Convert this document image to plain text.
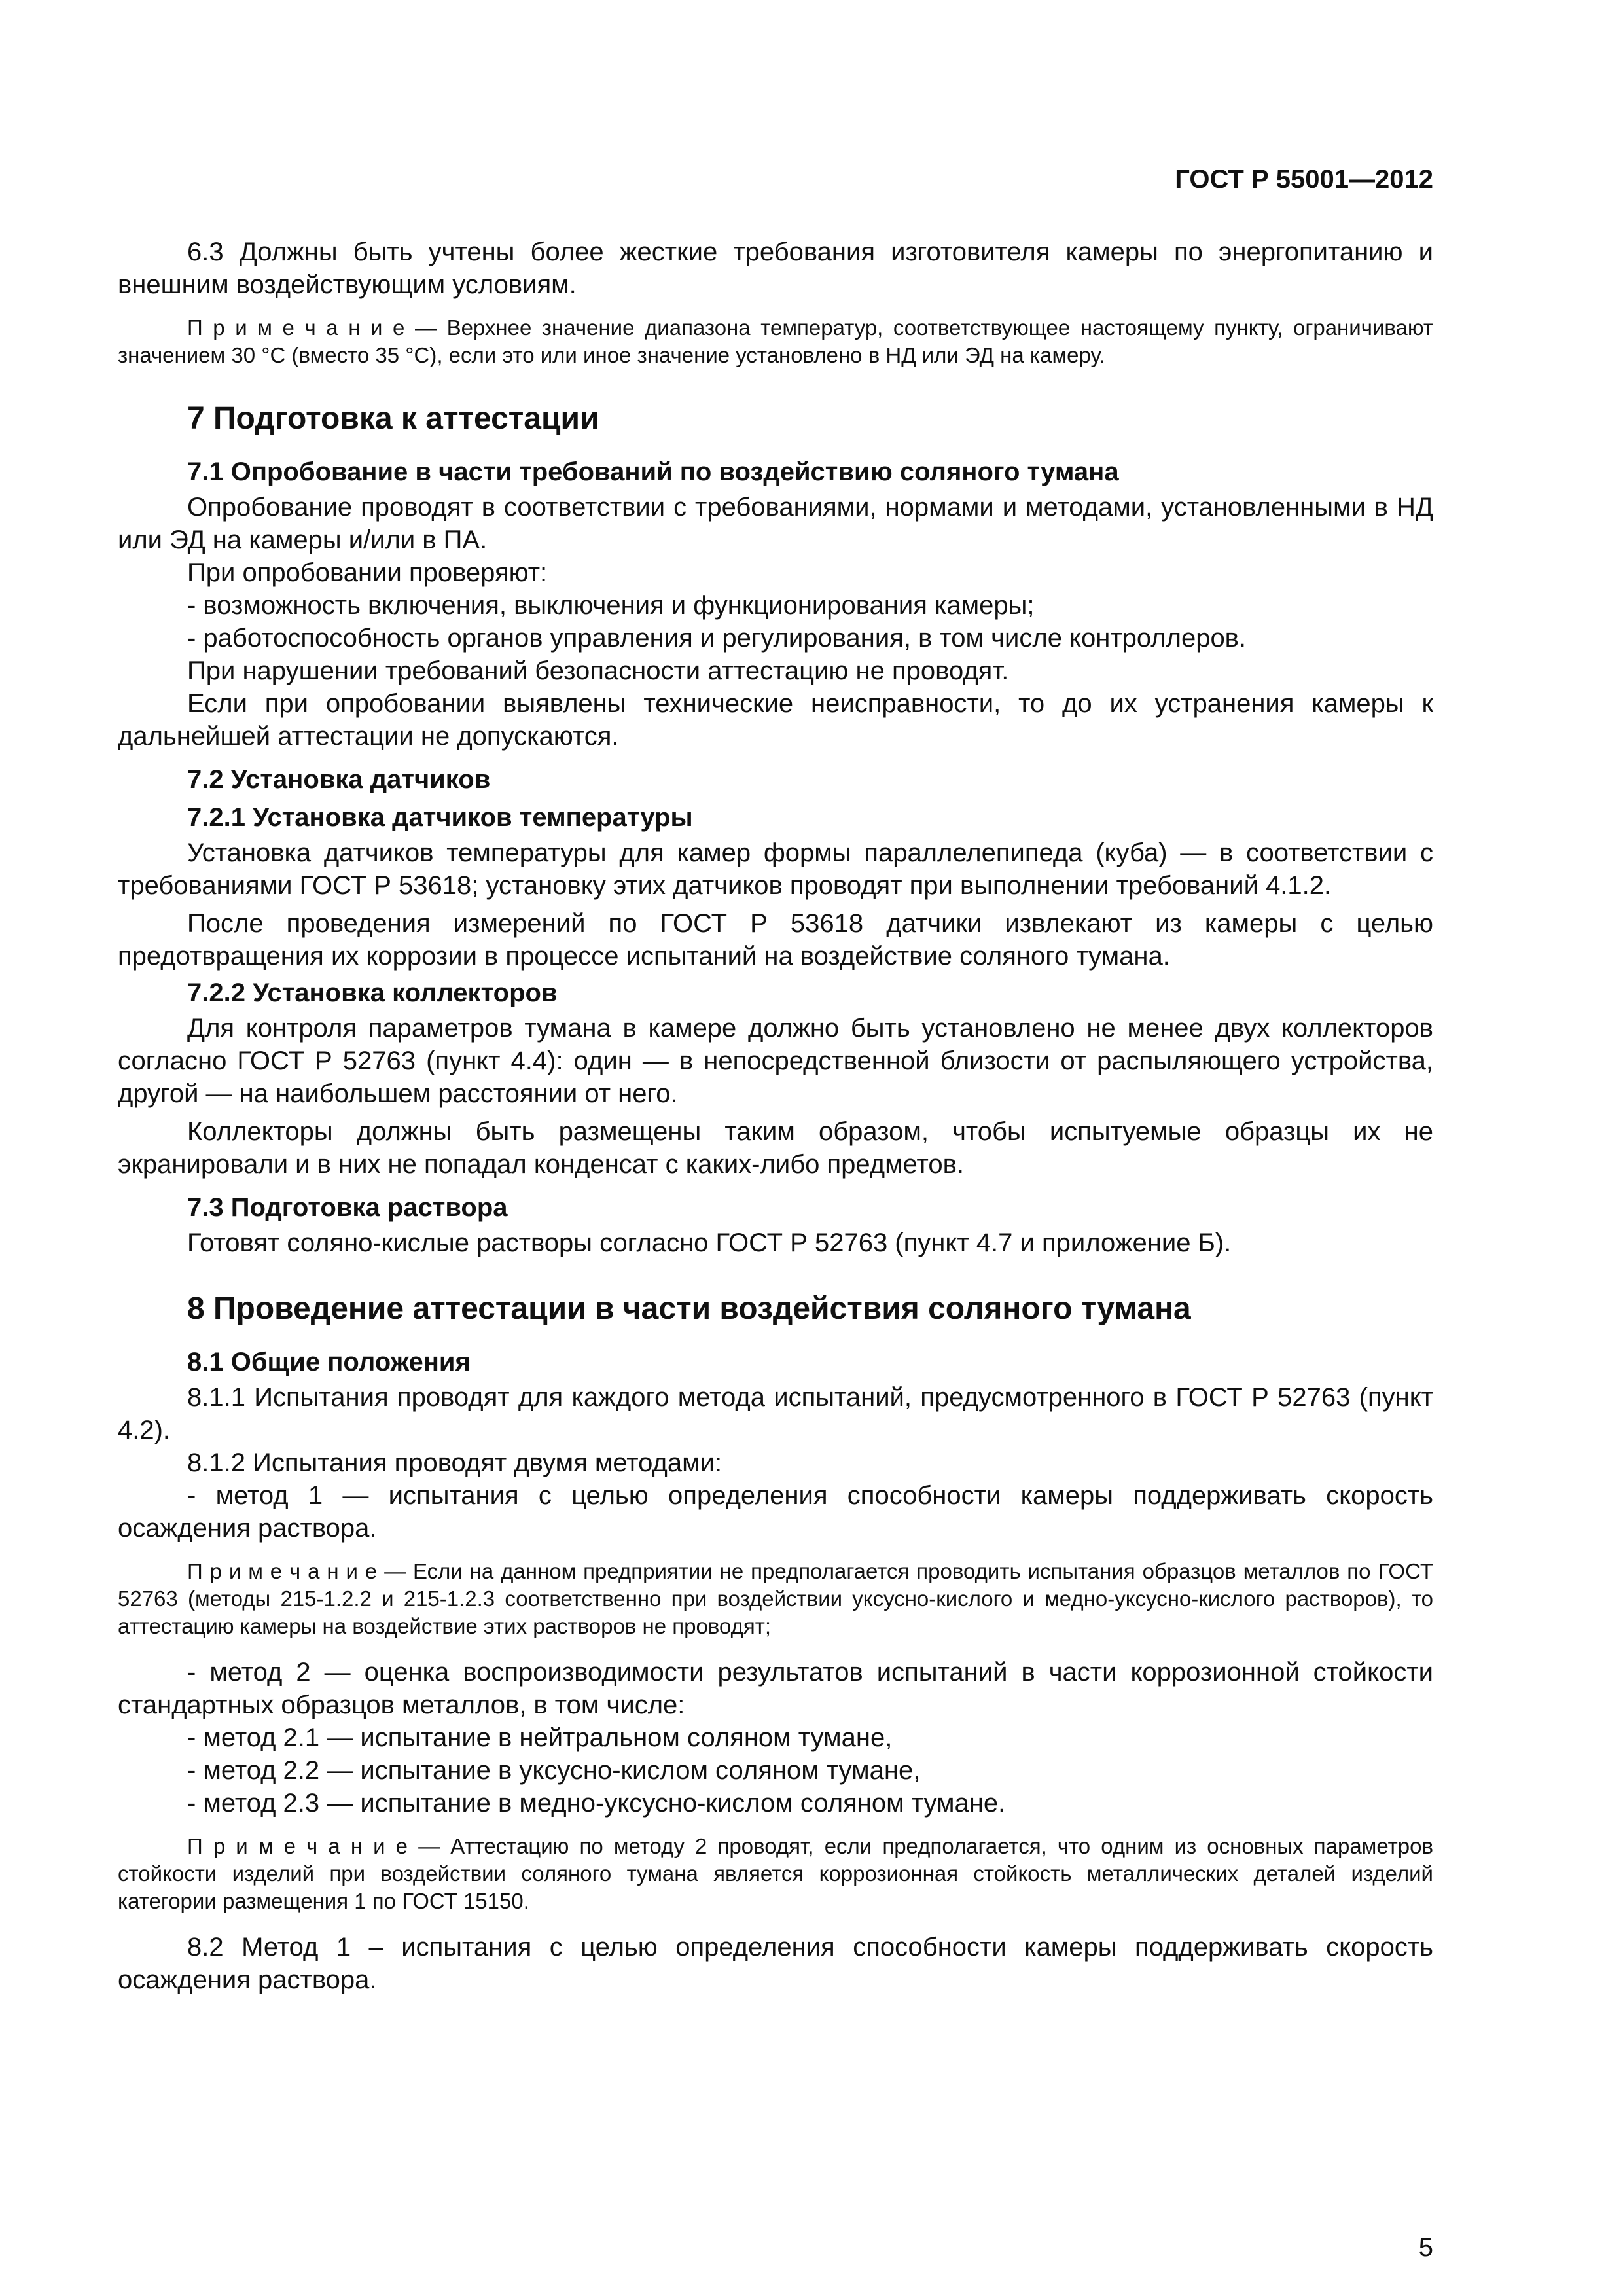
ГОСТ Р 55001—2012

6.3 Должны быть учтены более жесткие требования изготовителя камеры по энергопитанию и внешним воздействующим условиям.

П р и м е ч а н и е — Верхнее значение диапазона температур, соответствующее настоящему пункту, ограничивают значением 30 °C (вместо 35 °C), если это или иное значение установлено в НД или ЭД на камеру.

7 Подготовка к аттестации
7.1 Опробование в части требований по воздействию соляного тумана

Опробование проводят в соответствии с требованиями, нормами и методами, установленными в НД или ЭД на камеры и/или в ПА.

При опробовании проверяют:

- возможность включения, выключения и функционирования камеры;

- работоспособность органов управления и регулирования, в том числе контроллеров.

При нарушении требований безопасности аттестацию не проводят.

Если при опробовании выявлены технические неисправности, то до их устранения камеры к дальнейшей аттестации не допускаются.

7.2 Установка датчиков
7.2.1 Установка датчиков температуры

Установка датчиков температуры для камер формы параллелепипеда (куба) — в соответствии с требованиями ГОСТ Р 53618; установку этих датчиков проводят при выполнении требований 4.1.2.

После проведения измерений по ГОСТ Р 53618 датчики извлекают из камеры с целью предотвращения их коррозии в процессе испытаний на воздействие соляного тумана.

7.2.2 Установка коллекторов

Для контроля параметров тумана в камере должно быть установлено не менее двух коллекторов согласно ГОСТ Р 52763 (пункт 4.4): один — в непосредственной близости от распыляющего устройства, другой — на наибольшем расстоянии от него.

Коллекторы должны быть размещены таким образом, чтобы испытуемые образцы их не экранировали и в них не попадал конденсат с каких-либо предметов.

7.3 Подготовка раствора

Готовят соляно-кислые растворы согласно ГОСТ Р 52763 (пункт 4.7 и приложение Б).

8 Проведение аттестации в части воздействия соляного тумана
8.1 Общие положения

8.1.1 Испытания проводят для каждого метода испытаний, предусмотренного в ГОСТ Р 52763 (пункт 4.2).

8.1.2 Испытания проводят двумя методами:

- метод 1 — испытания с целью определения способности камеры поддерживать скорость осаждения раствора.

П р и м е ч а н и е — Если на данном предприятии не предполагается проводить испытания образцов металлов по ГОСТ 52763 (методы 215-1.2.2 и 215-1.2.3 соответственно при воздействии уксусно-кислого и медно-уксусно-кислого растворов), то аттестацию камеры на воздействие этих растворов не проводят;

- метод 2 — оценка воспроизводимости результатов испытаний в части коррозионной стойкости стандартных образцов металлов, в том числе:

- метод 2.1 — испытание в нейтральном соляном тумане,

- метод 2.2 — испытание в уксусно-кислом соляном тумане,

- метод 2.3 — испытание в медно-уксусно-кислом соляном тумане.

П р и м е ч а н и е — Аттестацию по методу 2 проводят, если предполагается, что одним из основных параметров стойкости изделий при воздействии соляного тумана является коррозионная стойкость металлических деталей изделий категории размещения 1 по ГОСТ 15150.

8.2 Метод 1 – испытания с целью определения способности камеры поддерживать скорость осаждения раствора.

5
